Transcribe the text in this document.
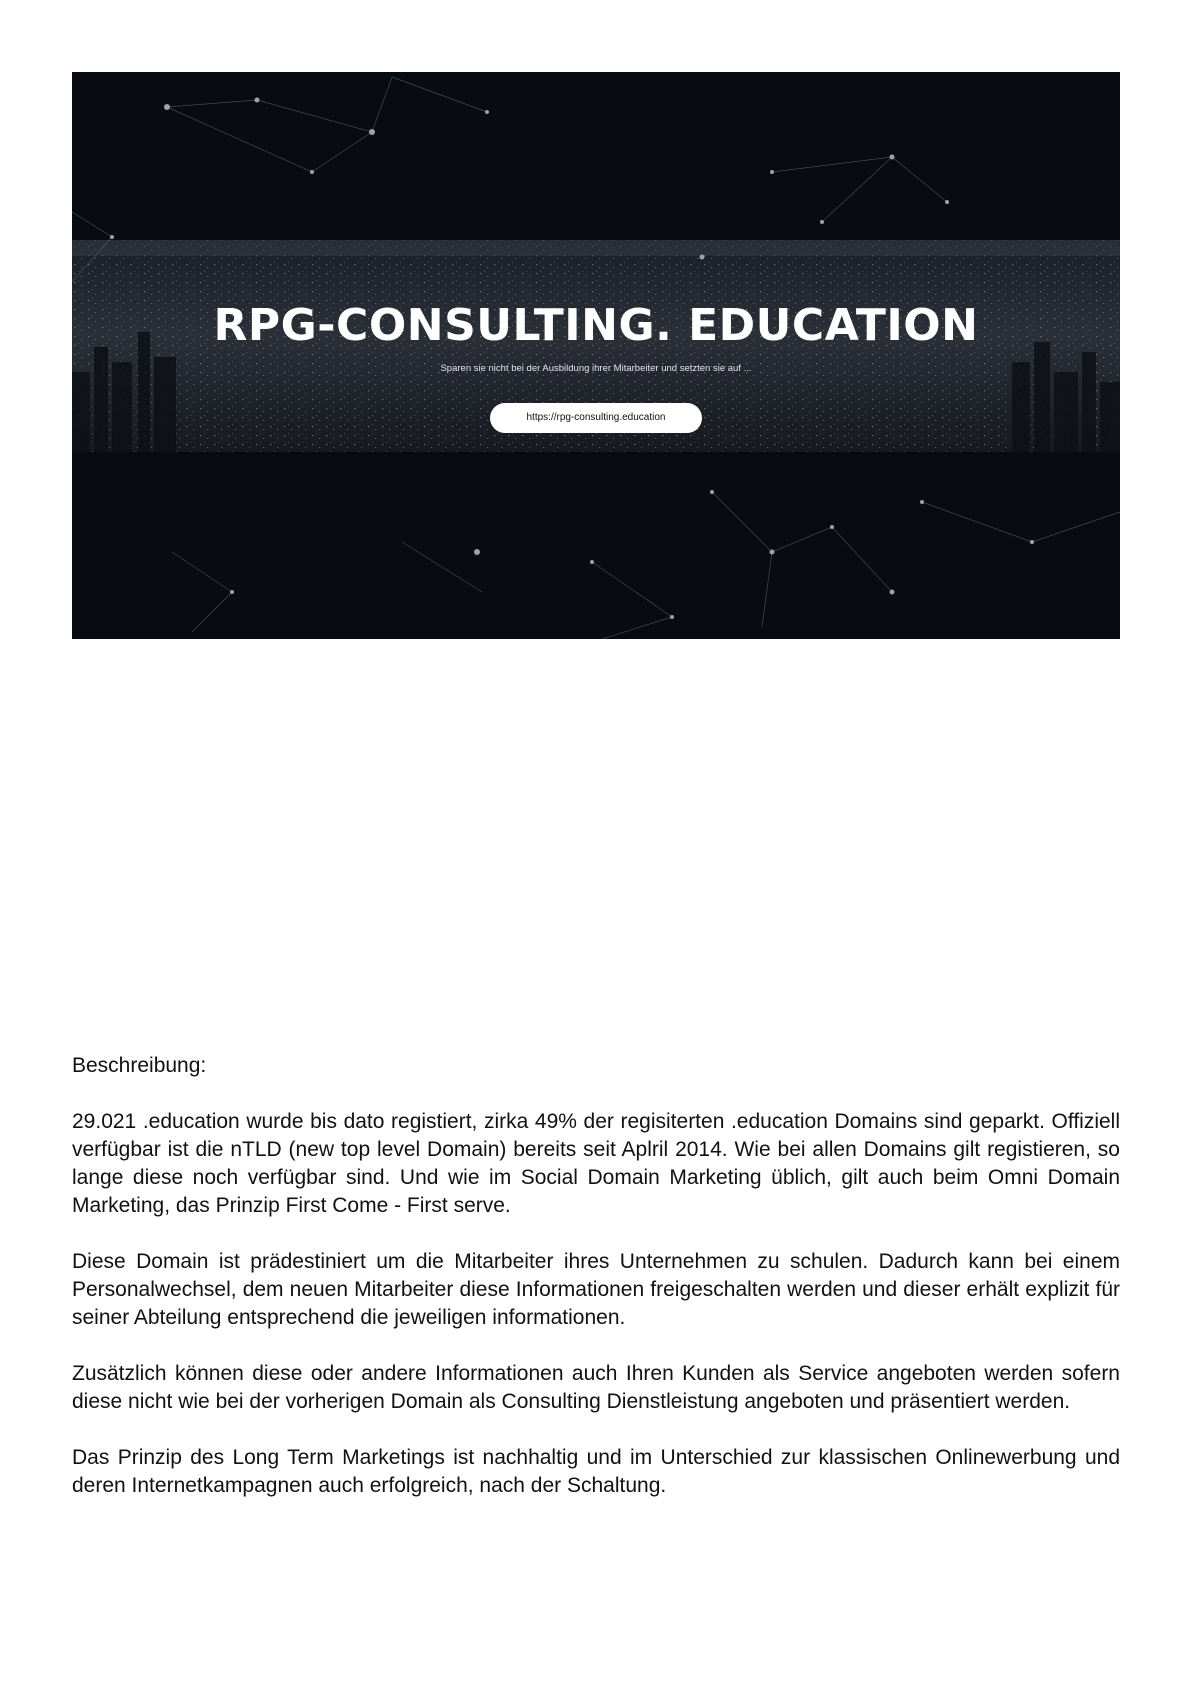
RPG-CONSULTING. EDUCATION
Sparen sie nicht bei der Ausbildung ihrer Mitarbeiter und setzten sie auf ...
https://rpg-consulting.education

Beschreibung:

29.021 .education wurde bis dato registiert, zirka 49% der regisiterten .education Domains sind geparkt. Offiziell verfügbar ist die nTLD (new top level Domain) bereits seit Aplril 2014. Wie bei allen Domains gilt registieren, so lange diese noch verfügbar sind. Und wie im Social Domain Marketing üblich, gilt auch beim Omni Domain Marketing, das Prinzip First Come - First serve.

Diese Domain ist prädestiniert um die Mitarbeiter ihres Unternehmen zu schulen. Dadurch kann bei einem Personalwechsel, dem neuen Mitarbeiter diese Informationen freigeschalten werden und dieser erhält explizit für seiner Abteilung entsprechend die jeweiligen informationen.

Zusätzlich können diese oder andere Informationen auch Ihren Kunden als Service angeboten werden sofern diese nicht wie bei der vorherigen Domain als Consulting Dienstleistung angeboten und präsentiert werden.

Das Prinzip des Long Term Marketings ist nachhaltig und im Unterschied zur klassischen Onlinewerbung und deren Internetkampagnen auch erfolgreich, nach der Schaltung.
